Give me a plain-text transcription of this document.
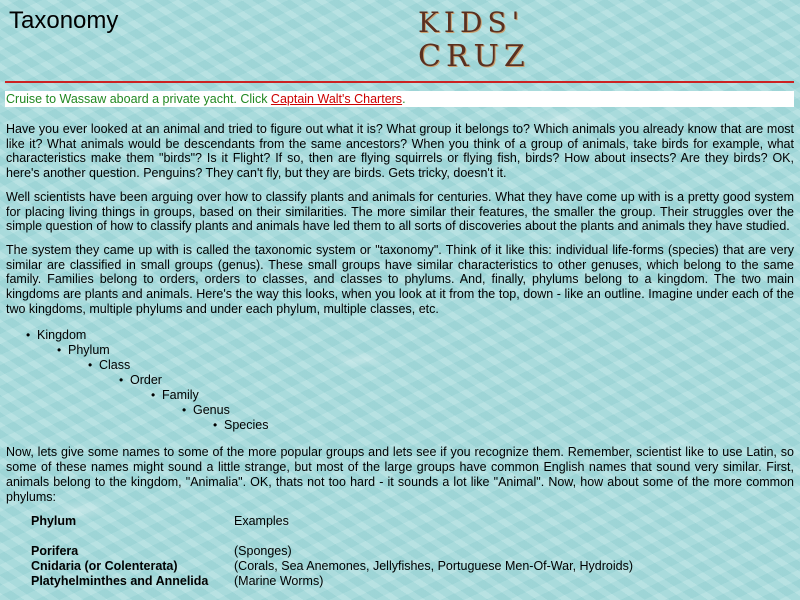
Taxonomy	KIDS'
CRUZ
Cruise to Wassaw aboard a private yacht. Click Captain Walt's Charters.

Have you ever looked at an animal and tried to figure out what it is? What group it belongs to? Which animals you already know that are most like it? What animals would be descendants from the same ancestors? When you think of a group of animals, take birds for example, what characteristics make them "birds"? Is it Flight? If so, then are flying squirrels or flying fish, birds? How about insects? Are they birds? OK, here's another question. Penguins? They can't fly, but they are birds. Gets tricky, doesn't it.

Well scientists have been arguing over how to classify plants and animals for centuries. What they have come up with is a pretty good system for placing living things in groups, based on their similarities. The more similar their features, the smaller the group. Their struggles over the simple question of how to classify plants and animals have led them to all sorts of discoveries about the plants and animals they have studied.

The system they came up with is called the taxonomic system or "taxonomy". Think of it like this: individual life-forms (species) that are very similar are classified in small groups (genus). These small groups have similar characteristics to other genuses, which belong to the same family. Families belong to orders, orders to classes, and classes to phylums. And, finally, phylums belong to a kingdom. The two main kingdoms are plants and animals. Here's the way this looks, when you look at it from the top, down - like an outline. Imagine under each of the two kingdoms, multiple phylums and under each phylum, multiple classes, etc.

• Kingdom
• Phylum
• Class
• Order
• Family
• Genus
• Species

Now, lets give some names to some of the more popular groups and lets see if you recognize them. Remember, scientist like to use Latin, so some of these names might sound a little strange, but most of the large groups have common English names that sound very similar. First, animals belong to the kingdom, "Animalia". OK, thats not too hard - it sounds a lot like "Animal". Now, how about some of the more common phylums:

Phylum	Examples

Porifera	(Sponges)
Cnidaria (or Colenterata)	(Corals, Sea Anemones, Jellyfishes, Portuguese Men-Of-War, Hydroids)
Platyhelminthes and Annelida	(Marine Worms)
